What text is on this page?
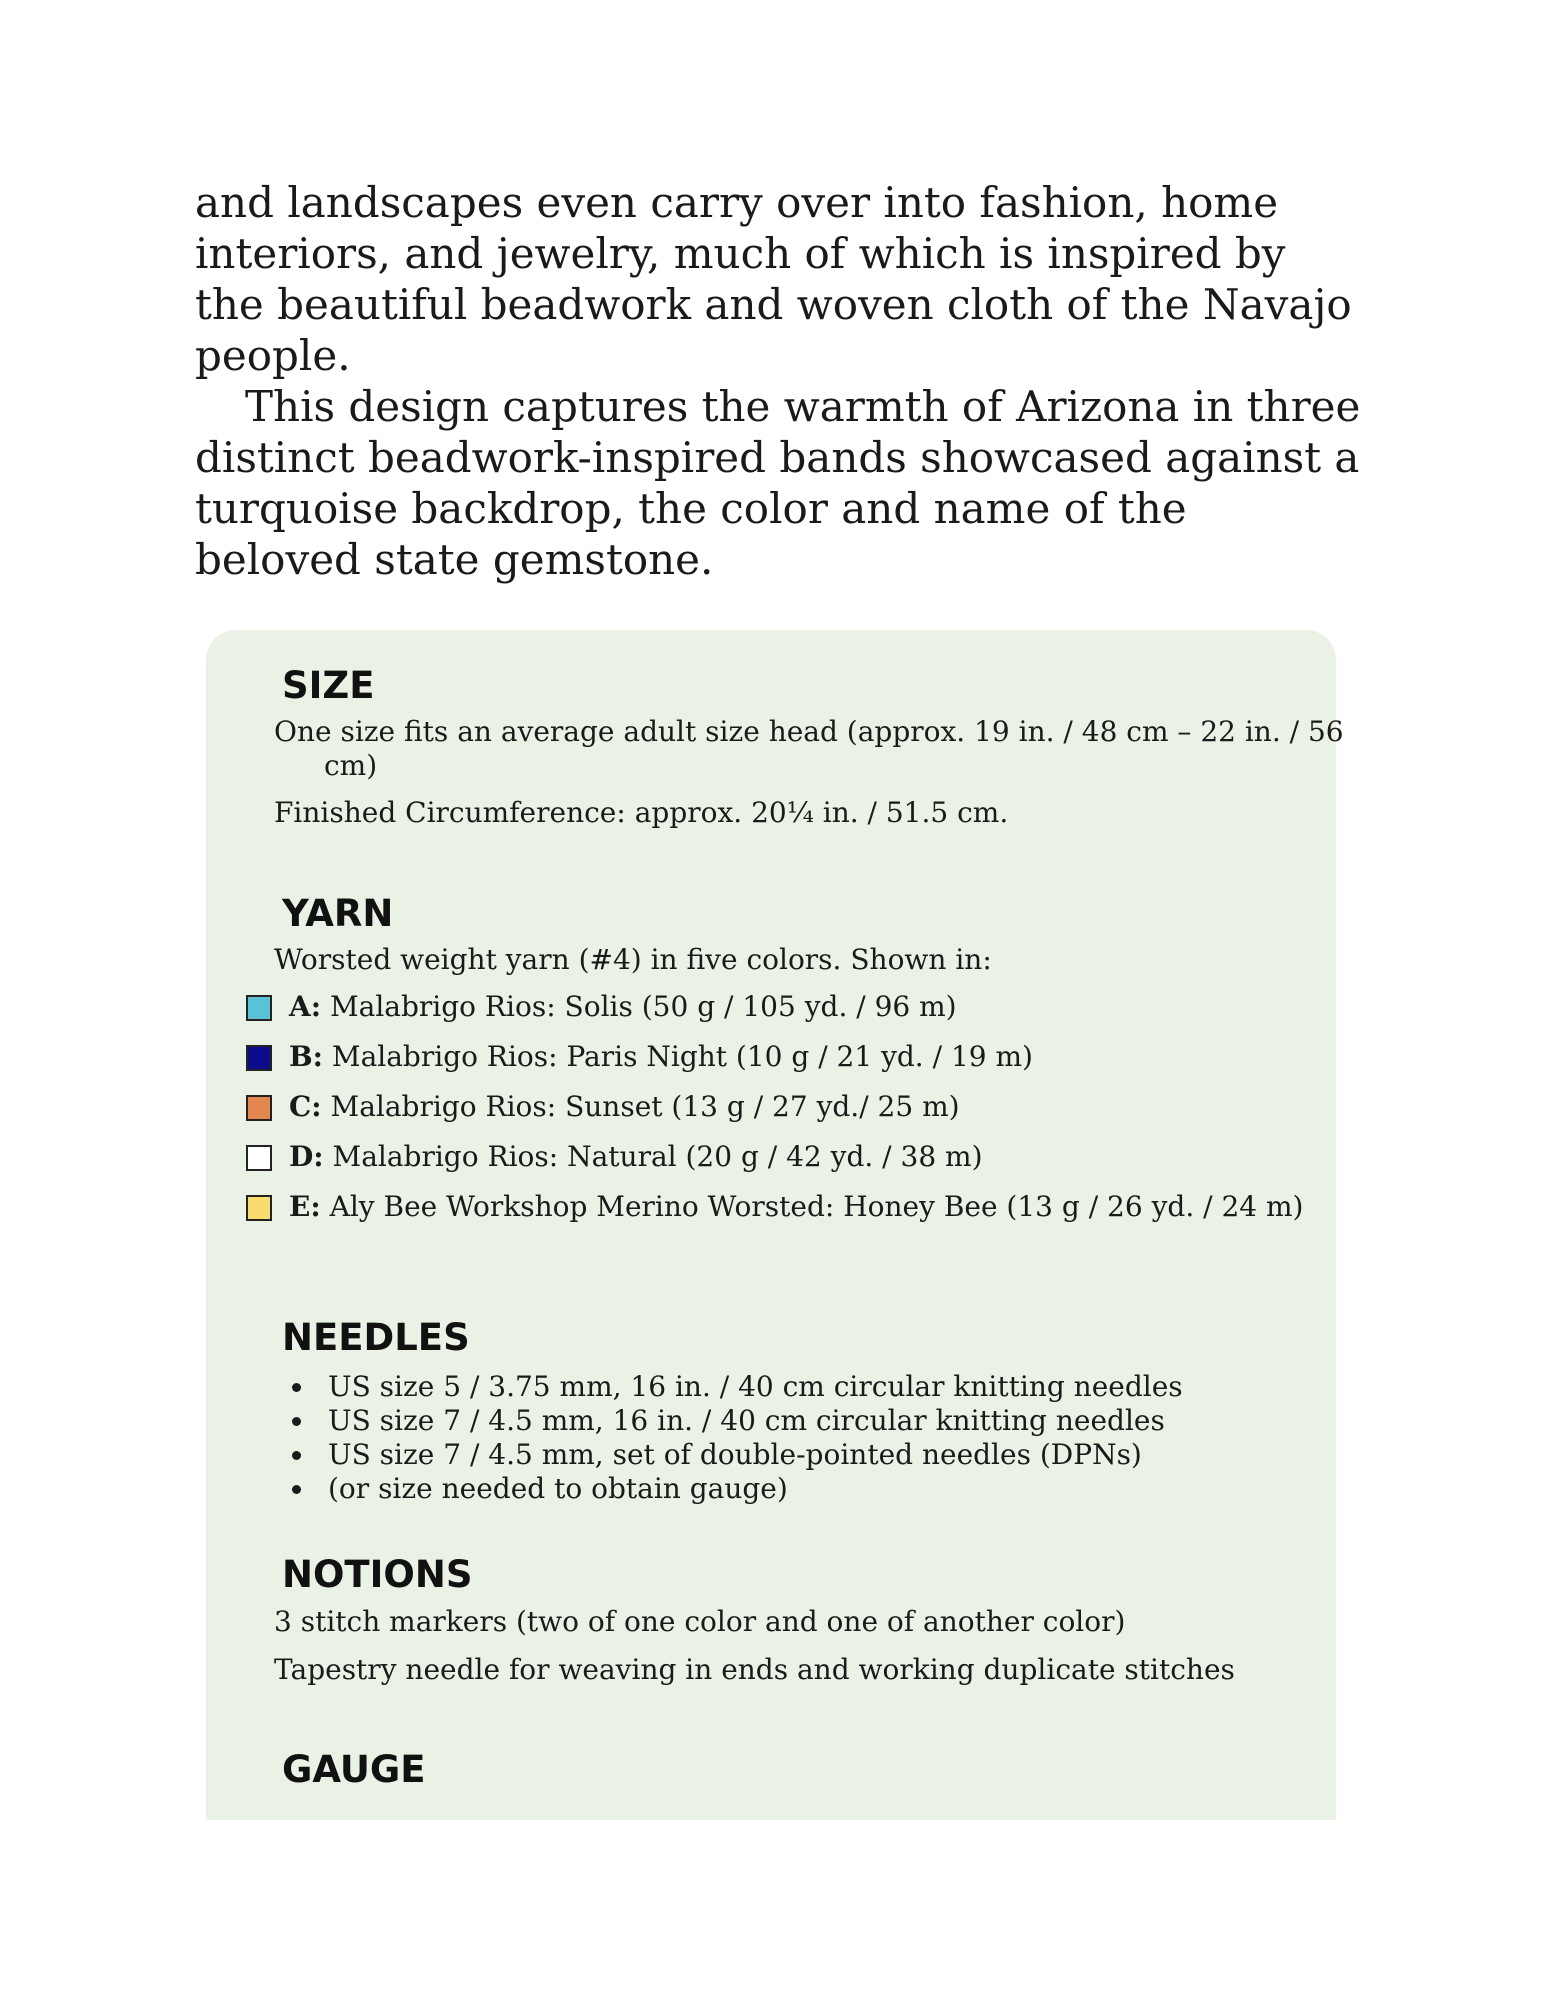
and landscapes even carry over into fashion, home interiors, and jewelry, much of which is inspired by the beautiful beadwork and woven cloth of the Navajo people.

This design captures the warmth of Arizona in three distinct beadwork-inspired bands showcased against a turquoise backdrop, the color and name of the beloved state gemstone.

SIZE

One size fits an average adult size head (approx. 19 in. / 48 cm – 22 in. / 56 cm)

Finished Circumference: approx. 20¼ in. / 51.5 cm.

YARN

Worsted weight yarn (#4) in five colors. Shown in:

A: Malabrigo Rios: Solis (50 g / 105 yd. / 96 m)
B: Malabrigo Rios: Paris Night (10 g / 21 yd. / 19 m)
C: Malabrigo Rios: Sunset (13 g / 27 yd./ 25 m)
D: Malabrigo Rios: Natural (20 g / 42 yd. / 38 m)
E: Aly Bee Workshop Merino Worsted: Honey Bee (13 g / 26 yd. / 24 m)
NEEDLES
US size 5 / 3.75 mm, 16 in. / 40 cm circular knitting needles
US size 7 / 4.5 mm, 16 in. / 40 cm circular knitting needles
US size 7 / 4.5 mm, set of double-pointed needles (DPNs)
(or size needed to obtain gauge)
NOTIONS

3 stitch markers (two of one color and one of another color)

Tapestry needle for weaving in ends and working duplicate stitches

GAUGE
